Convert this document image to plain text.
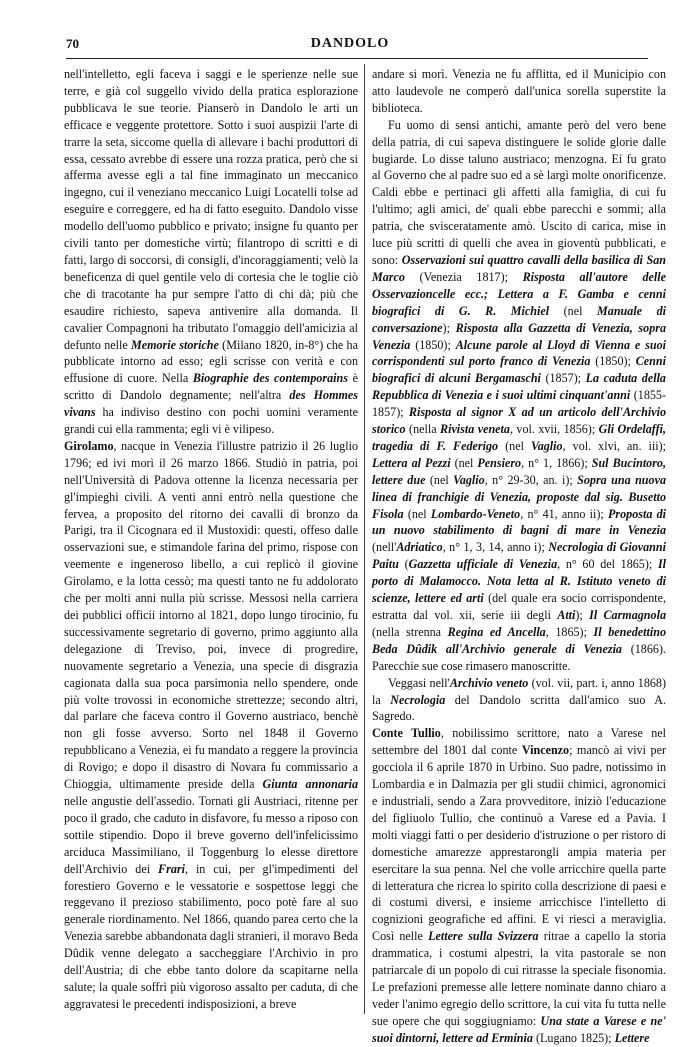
70	DANDOLO

nell'intelletto, egli faceva i saggi e le sperienze nelle sue terre, e già col suggello vivido della pratica esplorazione pubblicava le sue teorie. Pianserò in Dandolo le arti un efficace e veggente protettore. Sotto i suoi auspizii l'arte di trarre la seta, siccome quella di allevare i bachi produttori di essa, cessato avrebbe di essere una rozza pratica, però che si afferma avesse egli a tal fine immaginato un meccanico ingegno, cui il veneziano meccanico Luigi Locatelli tolse ad eseguire e correggere, ed ha di fatto eseguito. Dandolo visse modello dell'uomo pubblico e privato; insigne fu quanto per civili tanto per domestiche virtù; filantropo di scritti e di fatti, largo di soccorsi, di consigli, d'incoraggiamenti; velò la beneficenza di quel gentile velo di cortesia che le toglie ciò che di tracotante ha pur sempre l'atto di chi dà; più che esaudire richiesto, sapeva antivenire alla domanda. Il cavalier Compagnoni ha tributato l'omaggio dell'amicizia al defunto nelle Memorie storiche (Milano 1820, in-8°) che ha pubblicate intorno ad esso; egli scrisse con verità e con effusione di cuore. Nella Biographie des contemporains è scritto di Dandolo degnamente; nell'altra des Hommes vivans ha indiviso destino con pochi uomini veramente grandi cui ella rammenta; egli vi è vilipeso.

Girolamo, nacque in Venezia l'illustre patrizio il 26 luglio 1796; ed ivi morì il 26 marzo 1866. Studiò in patria, poi nell'Università di Padova ottenne la licenza necessaria per gl'impieghi civili. A venti anni entrò nella questione che fervea, a proposito del ritorno dei cavalli di bronzo da Parigi, tra il Cicognara ed il Mustoxidi: questi, offeso dalle osservazioni sue, e stimandole farina del primo, rispose con veemente e ingeneroso libello, a cui replicò il giovine Girolamo, e la lotta cessò; ma questi tanto ne fu addolorato che per molti anni nulla più scrisse. Messosi nella carriera dei pubblici officii intorno al 1821, dopo lungo tirocinio, fu successivamente segretario di governo, primo aggiunto alla delegazione di Treviso, poi, invece di progredire, nuovamente segretario a Venezia, una specie di disgrazia cagionata dalla sua poca parsimonia nello spendere, onde più volte trovossi in economiche strettezze; secondo altri, dal parlare che faceva contro il Governo austriaco, benchè non gli fosse avverso. Sorto nel 1848 il Governo repubblicano a Venezia, ei fu mandato a reggere la provincia di Rovigo; e dopo il disastro di Novara fu commissario a Chioggia, ultimamente preside della Giunta annonaria nelle angustie dell'assedio. Tornati gli Austriaci, ritenne per poco il grado, che caduto in disfavore, fu messo a riposo con sottile stipendio. Dopo il breve governo dell'infelicissimo arciduca Massimiliano, il Toggenburg lo elesse direttore dell'Archivio dei Frari, in cui, per gl'impedimenti del forestiero Governo e le vessatorie e sospettose leggi che reggevano il prezioso stabilimento, poco potè fare al suo generale riordinamento. Nel 1866, quando parea certo che la Venezia sarebbe abbandonata dagli stranieri, il moravo Beda Dûdik venne delegato a saccheggiare l'Archivio in pro dell'Austria; di che ebbe tanto dolore da scapitarne nella salute; la quale soffrì più vigoroso assalto per caduta, di che aggravatesi le precedenti indisposizioni, a breve

andare si morì. Venezia ne fu afflitta, ed il Municipio con atto laudevole ne comperò dall'unica sorella superstite la biblioteca.

Fu uomo di sensi antichi, amante però del vero bene della patria, di cui sapeva distinguere le solide glorie dalle bugiarde. Lo disse taluno austriaco; menzogna. Ei fu grato al Governo che al padre suo ed a sè largì molte onorificenze. Caldi ebbe e pertinaci gli affetti alla famiglia, di cui fu l'ultimo; agli amici, de' quali ebbe parecchi e sommi; alla patria, che svisceratamente amò. Uscito di carica, mise in luce più scritti di quelli che avea in gioventù pubblicati, e sono: Osservazioni sui quattro cavalli della basilica di San Marco (Venezia 1817); Risposta all'autore delle Osservazioncelle ecc.; Lettera a F. Gamba e cenni biografici di G. R. Michiel (nel Manuale di conversazione); Risposta alla Gazzetta di Venezia, sopra Venezia (1850); Alcune parole al Lloyd di Vienna e suoi corrispondenti sul porto franco di Venezia (1850); Cenni biografici di alcuni Bergamaschi (1857); La caduta della Repubblica di Venezia e i suoi ultimi cinquant'anni (1855-1857); Risposta al signor X ad un articolo dell'Archivio storico (nella Rivista veneta, vol. xvii, 1856); Gli Ordelaffi, tragedia di F. Federigo (nel Vaglio, vol. xlvi, an. iii); Lettera al Pezzi (nel Pensiero, n° 1, 1866); Sul Bucintoro, lettere due (nel Vaglio, n° 29-30, an. i); Sopra una nuova linea di franchigie di Venezia, proposte dal sig. Busetto Fisola (nel Lombardo-Veneto, n° 41, anno ii); Proposta di un nuovo stabilimento di bagni di mare in Venezia (nell'Adriatico, n° 1, 3, 14, anno i); Necrologia di Giovanni Paitu (Gazzetta ufficiale di Venezia, n° 60 del 1865); Il porto di Malamocco. Nota letta al R. Istituto veneto di scienze, lettere ed arti (del quale era socio corrispondente, estratta dal vol. xii, serie iii degli Atti); Il Carmagnola (nella strenna Regina ed Ancella, 1865); Il benedettino Beda Dûdik all'Archivio generale di Venezia (1866). Parecchie sue cose rimasero manoscritte.

Veggasi nell'Archivio veneto (vol. vii, part. i, anno 1868) la Necrologia del Dandolo scritta dall'amico suo A. Sagredo.

Conte Tullio, nobilissimo scrittore, nato a Varese nel settembre del 1801 dal conte Vincenzo; mancò ai vivi per gocciola il 6 aprile 1870 in Urbino. Suo padre, notissimo in Lombardia e in Dalmazia per gli studii chimici, agronomici e industriali, sendo a Zara provveditore, iniziò l'educazione del figliuolo Tullio, che continuò a Varese ed a Pavia. I molti viaggi fatti o per desiderio d'istruzione o per ristoro di domestiche amarezze apprestarongli ampia materia per esercitare la sua penna. Nel che volle arricchire quella parte di letteratura che ricrea lo spirito colla descrizione di paesi e di costumi diversi, e insieme arricchisce l'intelletto di cognizioni geografiche ed affini. E vi riescì a meraviglia. Così nelle Lettere sulla Svizzera ritrae a capello la storia drammatica, i costumi alpestri, la vita pastorale se non patriarcale di un popolo di cui ritrasse la speciale fisonomia. Le prefazioni premesse alle lettere nominate danno chiaro a veder l'animo egregio dello scrittore, la cui vita fu tutta nelle sue opere che qui soggiugniamo: Una state a Varese e ne' suoi dintorni, lettere ad Erminia (Lugano 1825); Lettere
